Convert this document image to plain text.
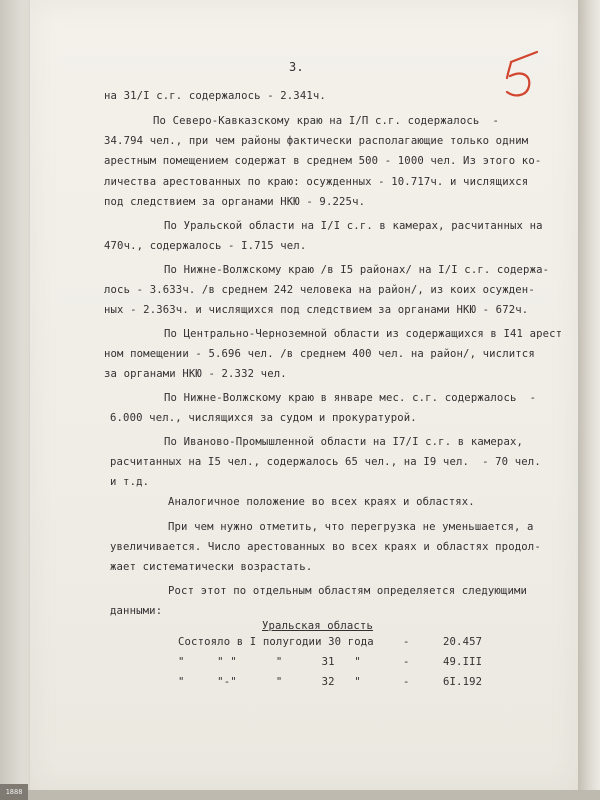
1888
3.
на 31/I с.г. содержалось - 2.341ч.
По Северо-Кавказскому краю на I/П с.г. содержалось  -
34.794 чел., при чем районы фактически располагающие только одним
арестным помещением содержат в среднем 500 - 1000 чел. Из этого ко-
личества арестованных по краю: осужденных - 10.717ч. и числящихся
под следствием за органами НКЮ - 9.225ч.
По Уральской области на I/I с.г. в камерах, расчитанных на
470ч., содержалось - I.715 чел.
По Нижне-Волжскому краю /в I5 районах/ на I/I с.г. содержа-
лось - 3.633ч. /в среднем 242 человека на район/, из коих осужден-
ных - 2.363ч. и числящихся под следствием за органами НКЮ - 672ч.
По Центрально-Черноземной области из содержащихся в I41 арест
ном помещении - 5.696 чел. /в среднем 400 чел. на район/, числится
за органами НКЮ - 2.332 чел.
По Нижне-Волжскому краю в январе мес. с.г. содержалось  -
6.000 чел., числящихся за судом и прокуратурой.
По Иваново-Промышленной области на I7/I с.г. в камерах,
расчитанных на I5 чел., содержалось 65 чел., на I9 чел.  - 70 чел.
и т.д.
Аналогичное положение во всех краях и областях.
При чем нужно отметить, что перегрузка не уменьшается, а
увеличивается. Число арестованных во всех краях и областях продол-
жает систематически возрастать.
Рост этот по отдельным областям определяется следующими
данными:
Уральская область
Состояло в I полугодии 30 года	-	20.457
"     " "      "      31   "	-	49.III
"     "-"      "      32   "	-	6I.192
